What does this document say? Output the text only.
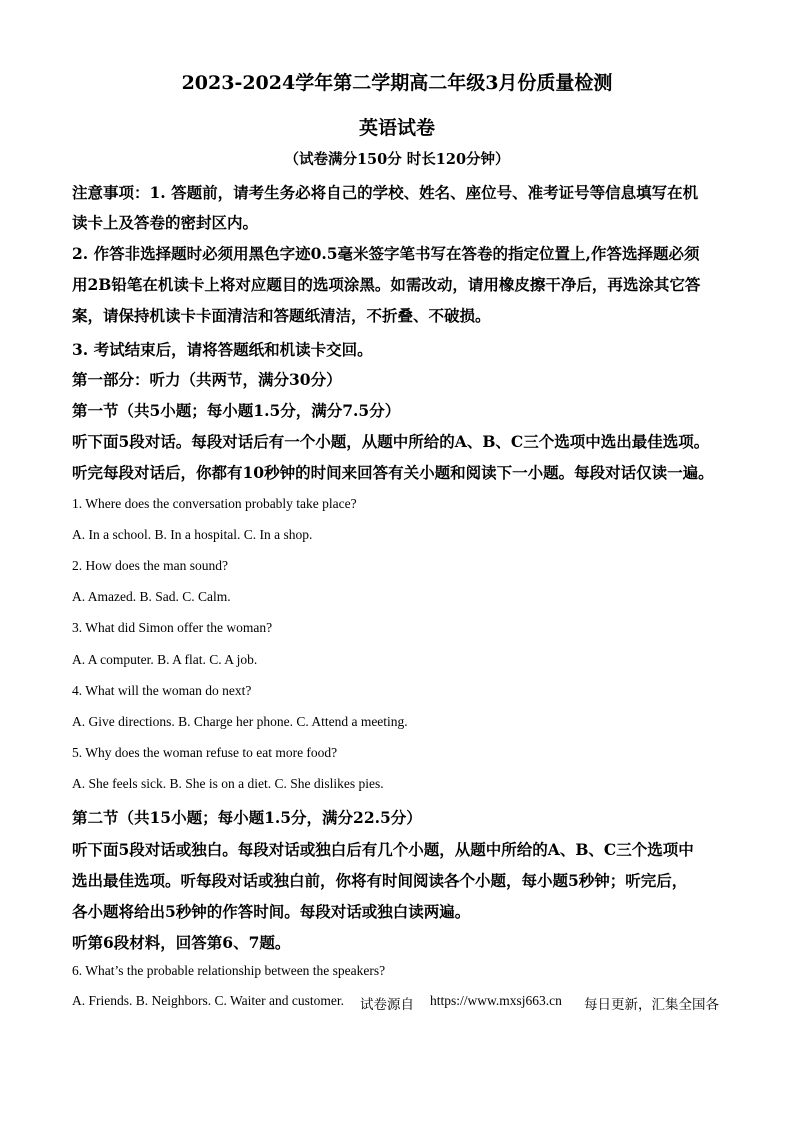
2023-2024学年第二学期高二年级3月份质量检测
英语试卷
（试卷满分150分 时长120分钟）
注意事项：1. 答题前，请考生务必将自己的学校、姓名、座位号、准考证号等信息填写在机
读卡上及答卷的密封区内。
2. 作答非选择题时必须用黑色字迹0.5毫米签字笔书写在答卷的指定位置上,作答选择题必须
用2B铅笔在机读卡上将对应题目的选项涂黑。如需改动，请用橡皮擦干净后，再选涂其它答
案，请保持机读卡卡面清洁和答题纸清洁，不折叠、不破损。
3. 考试结束后，请将答题纸和机读卡交回。
第一部分：听力（共两节，满分30分）
第一节（共5小题；每小题1.5分，满分7.5分）
听下面5段对话。每段对话后有一个小题，从题中所给的A、B、C三个选项中选出最佳选项。
听完每段对话后，你都有10秒钟的时间来回答有关小题和阅读下一小题。每段对话仅读一遍。
1. Where does the conversation probably take place?
A. In a school. B. In a hospital. C. In a shop.
2. How does the man sound?
A. Amazed. B. Sad. C. Calm.
3. What did Simon offer the woman?
A. A computer. B. A flat. C. A job.
4. What will the woman do next?
A. Give directions. B. Charge her phone. C. Attend a meeting.
5. Why does the woman refuse to eat more food?
A. She feels sick. B. She is on a diet. C. She dislikes pies.
第二节（共15小题；每小题1.5分，满分22.5分）
听下面5段对话或独白。每段对话或独白后有几个小题，从题中所给的A、B、C三个选项中
选出最佳选项。听每段对话或独白前，你将有时间阅读各个小题，每小题5秒钟；听完后，
各小题将给出5秒钟的作答时间。每段对话或独白读两遍。
听第6段材料，回答第6、7题。
6. What’s the probable relationship between the speakers?
A. Friends. B. Neighbors. C. Waiter and customer. 试卷源自 https://www.mxsj663.cn 每日更新，汇集全国各
